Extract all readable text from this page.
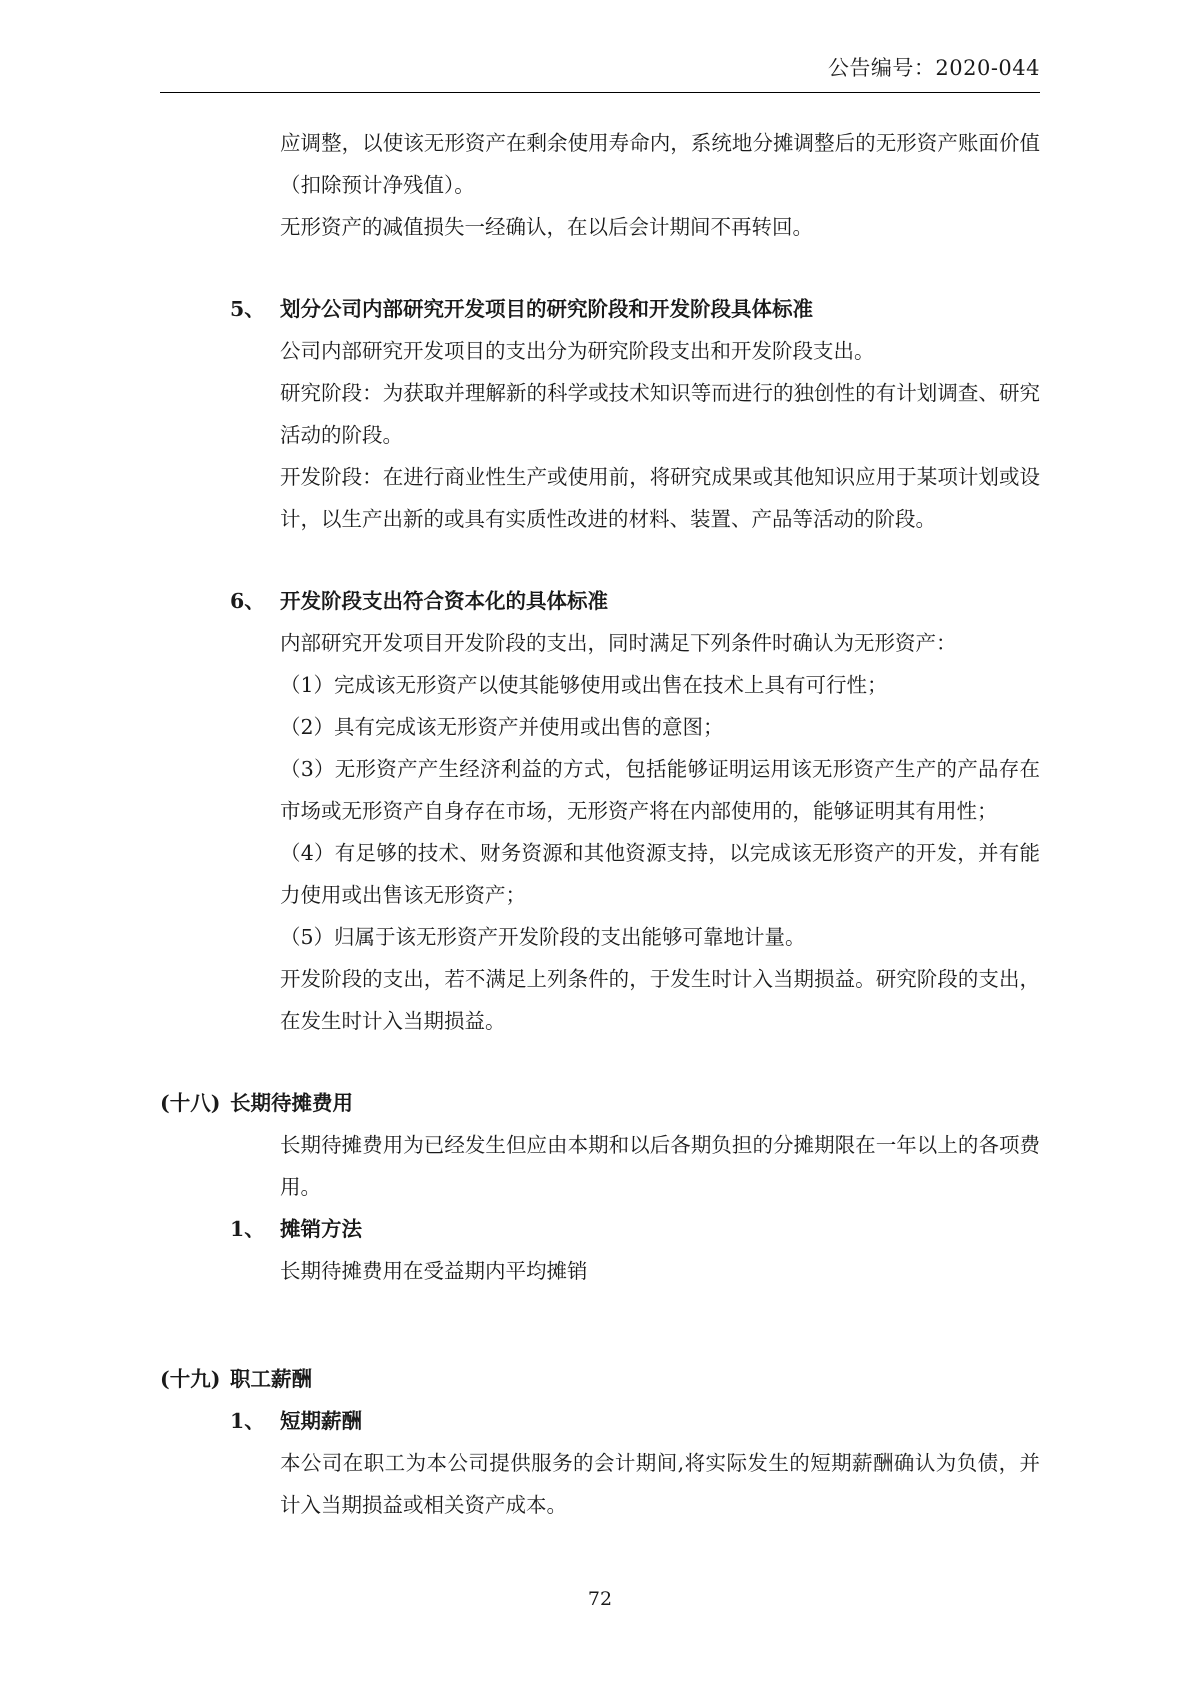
公告编号：2020-044

应调整，以使该无形资产在剩余使用寿命内，系统地分摊调整后的无形资产账面价值（扣除预计净残值）。

无形资产的减值损失一经确认，在以后会计期间不再转回。

5、 划分公司内部研究开发项目的研究阶段和开发阶段具体标准

公司内部研究开发项目的支出分为研究阶段支出和开发阶段支出。

研究阶段：为获取并理解新的科学或技术知识等而进行的独创性的有计划调查、研究活动的阶段。

开发阶段：在进行商业性生产或使用前，将研究成果或其他知识应用于某项计划或设计，以生产出新的或具有实质性改进的材料、装置、产品等活动的阶段。

6、 开发阶段支出符合资本化的具体标准

内部研究开发项目开发阶段的支出，同时满足下列条件时确认为无形资产：

（1）完成该无形资产以使其能够使用或出售在技术上具有可行性；

（2）具有完成该无形资产并使用或出售的意图；

（3）无形资产产生经济利益的方式，包括能够证明运用该无形资产生产的产品存在市场或无形资产自身存在市场，无形资产将在内部使用的，能够证明其有用性；

（4）有足够的技术、财务资源和其他资源支持，以完成该无形资产的开发，并有能力使用或出售该无形资产；

（5）归属于该无形资产开发阶段的支出能够可靠地计量。

开发阶段的支出，若不满足上列条件的，于发生时计入当期损益。研究阶段的支出，在发生时计入当期损益。

(十八) 长期待摊费用

长期待摊费用为已经发生但应由本期和以后各期负担的分摊期限在一年以上的各项费用。

1、 摊销方法

长期待摊费用在受益期内平均摊销

(十九) 职工薪酬
1、 短期薪酬

本公司在职工为本公司提供服务的会计期间,将实际发生的短期薪酬确认为负债，并计入当期损益或相关资产成本。

72
